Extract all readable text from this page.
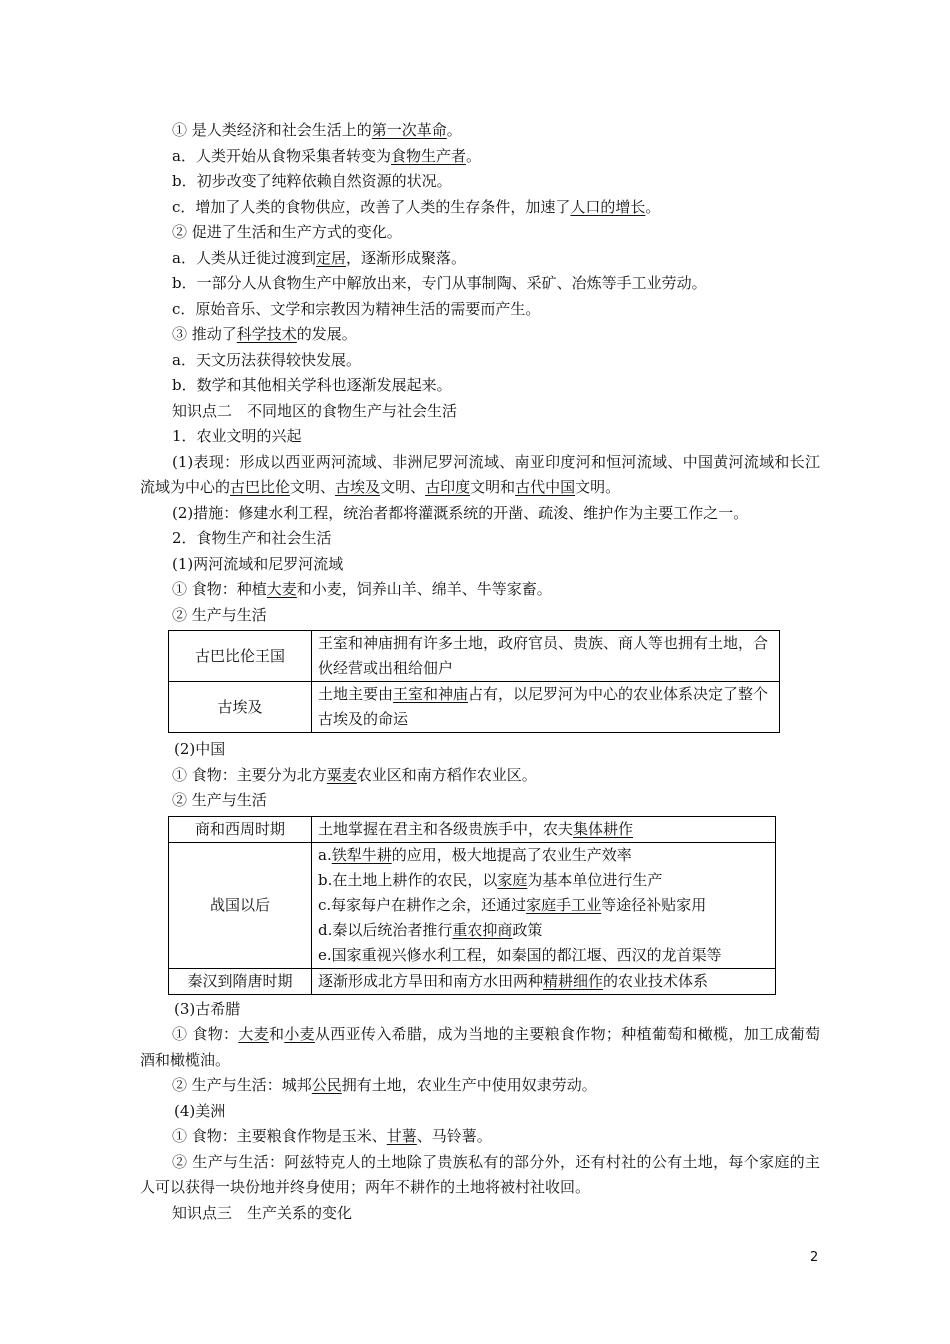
① 是人类经济和社会生活上的第一次革命。

a．人类开始从食物采集者转变为食物生产者。

b．初步改变了纯粹依赖自然资源的状况。

c．增加了人类的食物供应，改善了人类的生存条件，加速了人口的增长。

② 促进了生活和生产方式的变化。

a．人类从迁徙过渡到定居，逐渐形成聚落。

b．一部分人从食物生产中解放出来，专门从事制陶、采矿、冶炼等手工业劳动。

c．原始音乐、文学和宗教因为精神生活的需要而产生。

③ 推动了科学技术的发展。

a．天文历法获得较快发展。

b．数学和其他相关学科也逐渐发展起来。

知识点二　不同地区的食物生产与社会生活

1．农业文明的兴起

(1)表现：形成以西亚两河流域、非洲尼罗河流域、南亚印度河和恒河流域、中国黄河流域和长江流域为中心的古巴比伦文明、古埃及文明、古印度文明和古代中国文明。

(2)措施：修建水利工程，统治者都将灌溉系统的开凿、疏浚、维护作为主要工作之一。

2．食物生产和社会生活

(1)两河流域和尼罗河流域

① 食物：种植大麦和小麦，饲养山羊、绵羊、牛等家畜。

② 生产与生活

古巴比伦王国	王室和神庙拥有许多土地，政府官员、贵族、商人等也拥有土地，合伙经营或出租给佃户
古埃及	土地主要由王室和神庙占有，以尼罗河为中心的农业体系决定了整个古埃及的命运

(2)中国

① 食物：主要分为北方粟麦农业区和南方稻作农业区。

② 生产与生活

商和西周时期	土地掌握在君主和各级贵族手中，农夫集体耕作
战国以后	a.铁犁牛耕的应用，极大地提高了农业生产效率
b.在土地上耕作的农民，以家庭为基本单位进行生产
c.每家每户在耕作之余，还通过家庭手工业等途径补贴家用
d.秦以后统治者推行重农抑商政策
e.国家重视兴修水利工程，如秦国的都江堰、西汉的龙首渠等

秦汉到隋唐时期	逐渐形成北方旱田和南方水田两种精耕细作的农业技术体系

(3)古希腊

① 食物：大麦和小麦从西亚传入希腊，成为当地的主要粮食作物；种植葡萄和橄榄，加工成葡萄酒和橄榄油。

② 生产与生活：城邦公民拥有土地，农业生产中使用奴隶劳动。

(4)美洲

① 食物：主要粮食作物是玉米、甘薯、马铃薯。

② 生产与生活：阿兹特克人的土地除了贵族私有的部分外，还有村社的公有土地，每个家庭的主人可以获得一块份地并终身使用；两年不耕作的土地将被村社收回。

知识点三　生产关系的变化

2
